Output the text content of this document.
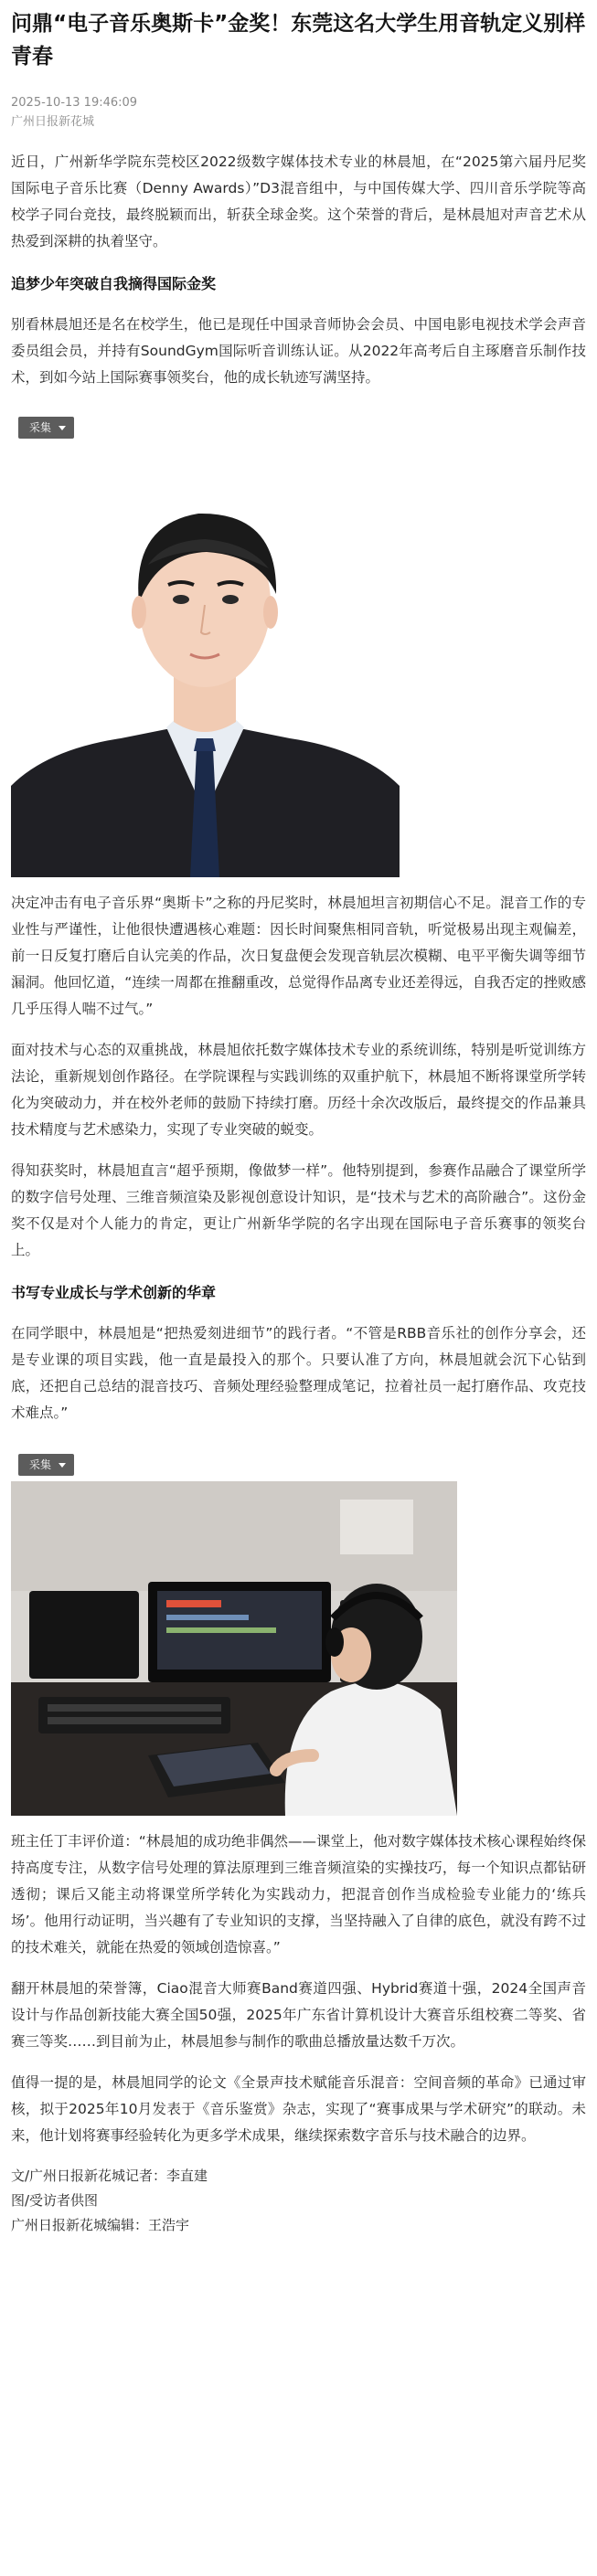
问鼎“电子音乐奥斯卡”金奖！东莞这名大学生用音轨定义别样青春
2025-10-13 19:46:09
广州日报新花城

近日，广州新华学院东莞校区2022级数字媒体技术专业的林晨旭，在“2025第六届丹尼奖国际电子音乐比赛（Denny Awards）”D3混音组中，与中国传媒大学、四川音乐学院等高校学子同台竞技，最终脱颖而出，斩获全球金奖。这个荣誉的背后，是林晨旭对声音艺术从热爱到深耕的执着坚守。

追梦少年突破自我摘得国际金奖

别看林晨旭还是名在校学生，他已是现任中国录音师协会会员、中国电影电视技术学会声音委员组会员，并持有SoundGym国际听音训练认证。从2022年高考后自主琢磨音乐制作技术，到如今站上国际赛事领奖台，他的成长轨迹写满坚持。

采集

决定冲击有电子音乐界“奥斯卡”之称的丹尼奖时，林晨旭坦言初期信心不足。混音工作的专业性与严谨性，让他很快遭遇核心难题：因长时间聚焦相同音轨，听觉极易出现主观偏差，前一日反复打磨后自认完美的作品，次日复盘便会发现音轨层次模糊、电平平衡失调等细节漏洞。他回忆道，“连续一周都在推翻重改，总觉得作品离专业还差得远，自我否定的挫败感几乎压得人喘不过气。”

面对技术与心态的双重挑战，林晨旭依托数字媒体技术专业的系统训练，特别是听觉训练方法论，重新规划创作路径。在学院课程与实践训练的双重护航下，林晨旭不断将课堂所学转化为突破动力，并在校外老师的鼓励下持续打磨。历经十余次改版后，最终提交的作品兼具技术精度与艺术感染力，实现了专业突破的蜕变。

得知获奖时，林晨旭直言“超乎预期，像做梦一样”。他特别提到，参赛作品融合了课堂所学的数字信号处理、三维音频渲染及影视创意设计知识，是“技术与艺术的高阶融合”。这份金奖不仅是对个人能力的肯定，更让广州新华学院的名字出现在国际电子音乐赛事的领奖台上。

书写专业成长与学术创新的华章

在同学眼中，林晨旭是“把热爱刻进细节”的践行者。“不管是RBB音乐社的创作分享会，还是专业课的项目实践，他一直是最投入的那个。只要认准了方向，林晨旭就会沉下心钻到底，还把自己总结的混音技巧、音频处理经验整理成笔记，拉着社员一起打磨作品、攻克技术难点。”

采集

班主任丁丰评价道：“林晨旭的成功绝非偶然——课堂上，他对数字媒体技术核心课程始终保持高度专注，从数字信号处理的算法原理到三维音频渲染的实操技巧，每一个知识点都钻研透彻；课后又能主动将课堂所学转化为实践动力，把混音创作当成检验专业能力的‘练兵场’。他用行动证明，当兴趣有了专业知识的支撑，当坚持融入了自律的底色，就没有跨不过的技术难关，就能在热爱的领域创造惊喜。”

翻开林晨旭的荣誉簿，Ciao混音大师赛Band赛道四强、Hybrid赛道十强，2024全国声音设计与作品创新技能大赛全国50强，2025年广东省计算机设计大赛音乐组校赛二等奖、省赛三等奖……到目前为止，林晨旭参与制作的歌曲总播放量达数千万次。

值得一提的是，林晨旭同学的论文《全景声技术赋能音乐混音：空间音频的革命》已通过审核，拟于2025年10月发表于《音乐鉴赏》杂志，实现了“赛事成果与学术研究”的联动。未来，他计划将赛事经验转化为更多学术成果，继续探索数字音乐与技术融合的边界。

文/广州日报新花城记者：李直建
图/受访者供图
广州日报新花城编辑：王浩宇
